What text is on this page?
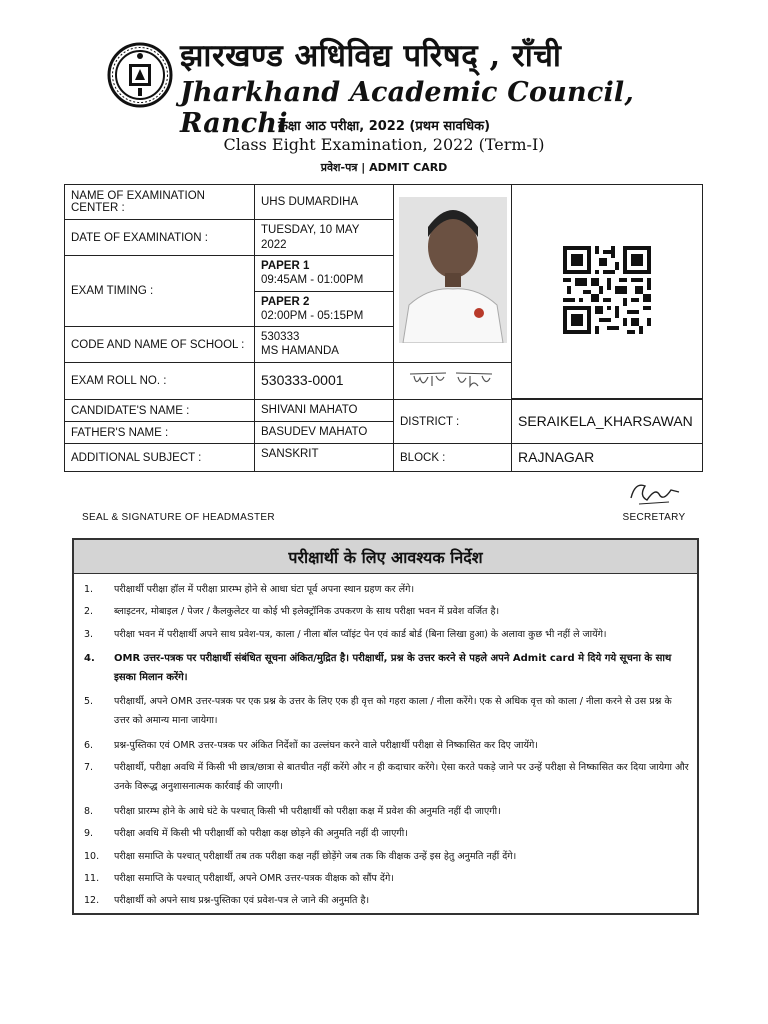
झारखण्ड अधिविद्य परिषद् , राँची
Jharkhand Academic Council, Ranchi
कक्षा आठ परीक्षा, 2022 (प्रथम सावधिक)
Class Eight Examination, 2022 (Term-I)
प्रवेश-पत्र | ADMIT CARD
NAME OF EXAMINATION CENTER :
UHS DUMARDIHA
DATE OF EXAMINATION :
TUESDAY, 10 MAY 2022
EXAM TIMING :
PAPER 1
09:45AM - 01:00PM
PAPER 2
02:00PM - 05:15PM
CODE AND NAME OF SCHOOL :
530333
MS HAMANDA
EXAM ROLL NO. :	530333-0001
CANDIDATE'S NAME :	SHIVANI MAHATO
FATHER'S NAME :	BASUDEV MAHATO
DISTRICT :	SERAIKELA_KHARSAWAN
ADDITIONAL SUBJECT :	SANSKRIT	BLOCK :	RAJNAGAR
SEAL & SIGNATURE OF HEADMASTER	SECRETARY
परीक्षार्थी के लिए आवश्यक निर्देश
1.	परीक्षार्थी परीक्षा हॉल में परीक्षा प्रारम्भ होने से आधा घंटा पूर्व अपना स्थान ग्रहण कर लेंगे।
2.	ब्लाइटनर, मोबाइल / पेजर / कैलकुलेटर या कोई भी इलेक्ट्रॉनिक उपकरण के साथ परीक्षा भवन में प्रवेश वर्जित है।
3.	परीक्षा भवन में परीक्षार्थी अपने साथ प्रवेश-पत्र, काला / नीला बॉल प्वॉइंट पेन एवं कार्ड बोर्ड (बिना लिखा हुआ) के अलावा कुछ भी नहीं ले जायेंगे।
4.	OMR उत्तर-पत्रक पर परीक्षार्थी संबंधित सूचना अंकित/मुद्रित है। परीक्षार्थी, प्रश्न के उत्तर करने से पहले अपने Admit card मे दिये गये सूचना के साथ इसका मिलान करेंगे।
5.	परीक्षार्थी, अपने OMR उत्तर-पत्रक पर एक प्रश्न के उत्तर के लिए एक ही वृत्त को गहरा काला / नीला करेंगे। एक से अधिक वृत्त को काला / नीला करने से उस प्रश्न के उत्तर को अमान्य माना जायेगा।
6.	प्रश्न-पुस्तिका एवं OMR उत्तर-पत्रक पर अंकित निर्देशों का उल्लंघन करने वाले परीक्षार्थी परीक्षा से निष्कासित कर दिए जायेंगे।
7.	परीक्षार्थी, परीक्षा अवधि में किसी भी छात्र/छात्रा से बातचीत नहीं करेंगे और न ही कदाचार करेंगे। ऐसा करते पकड़े जाने पर उन्हें परीक्षा से निष्कासित कर दिया जायेगा और उनके विरूद्ध अनुशासनात्मक कार्रवाई की जाएगी।
8.	परीक्षा प्रारम्भ होने के आधे घंटे के पश्चात् किसी भी परीक्षार्थी को परीक्षा कक्ष में प्रवेश की अनुमति नहीं दी जाएगी।
9.	परीक्षा अवधि में किसी भी परीक्षार्थी को परीक्षा कक्ष छोड़ने की अनुमति नहीं दी जाएगी।
10.	परीक्षा समाप्ति के पश्चात् परीक्षार्थी तब तक परीक्षा कक्ष नहीं छोड़ेंगे जब तक कि वीक्षक उन्हें इस हेतु अनुमति नहीं देंगे।
11.	परीक्षा समाप्ति के पश्चात् परीक्षार्थी, अपने OMR उत्तर-पत्रक वीक्षक को सौंप देंगे।
12.	परीक्षार्थी को अपने साथ प्रश्न-पुस्तिका एवं प्रवेश-पत्र ले जाने की अनुमति है।
